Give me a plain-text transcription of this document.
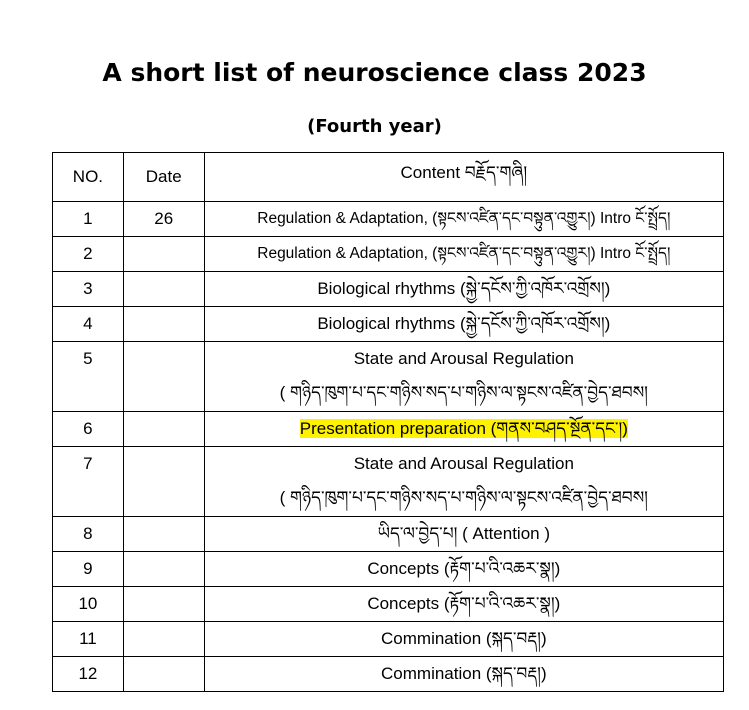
A short list of neuroscience class 2023
(Fourth year)
NO.	Date	Content བརྗོད་གཞི།
1	26	Regulation & Adaptation, (སྟངས་འཛིན་དང་བསྟུན་འགྱུར།) Intro ངོ་སྤྲོད།
2		Regulation & Adaptation, (སྟངས་འཛིན་དང་བསྟུན་འགྱུར།) Intro ངོ་སྤྲོད།
3		Biological rhythms (སྐྱེ་དངོས་ཀྱི་འཁོར་འགྲོས།)
4		Biological rhythms (སྐྱེ་དངོས་ཀྱི་འཁོར་འགྲོས།)
5		State and Arousal Regulation
( གཉིད་ཁུག་པ་དང་གཉིས་སད་པ་གཉིས་ལ་སྟངས་འཛིན་བྱེད་ཐབས།

6		Presentation preparation (གནས་བཤད་སྔོན་དང་།)
7		State and Arousal Regulation
( གཉིད་ཁུག་པ་དང་གཉིས་སད་པ་གཉིས་ལ་སྟངས་འཛིན་བྱེད་ཐབས།

8		ཡིད་ལ་བྱེད་པ། ( Attention )
9		Concepts (རྟོག་པ་འི་འཆར་སྣ།)
10		Concepts (རྟོག་པ་འི་འཆར་སྣ།)
11		Commination (སྐད་བརྡ།)
12		Commination (སྐད་བརྡ།)
